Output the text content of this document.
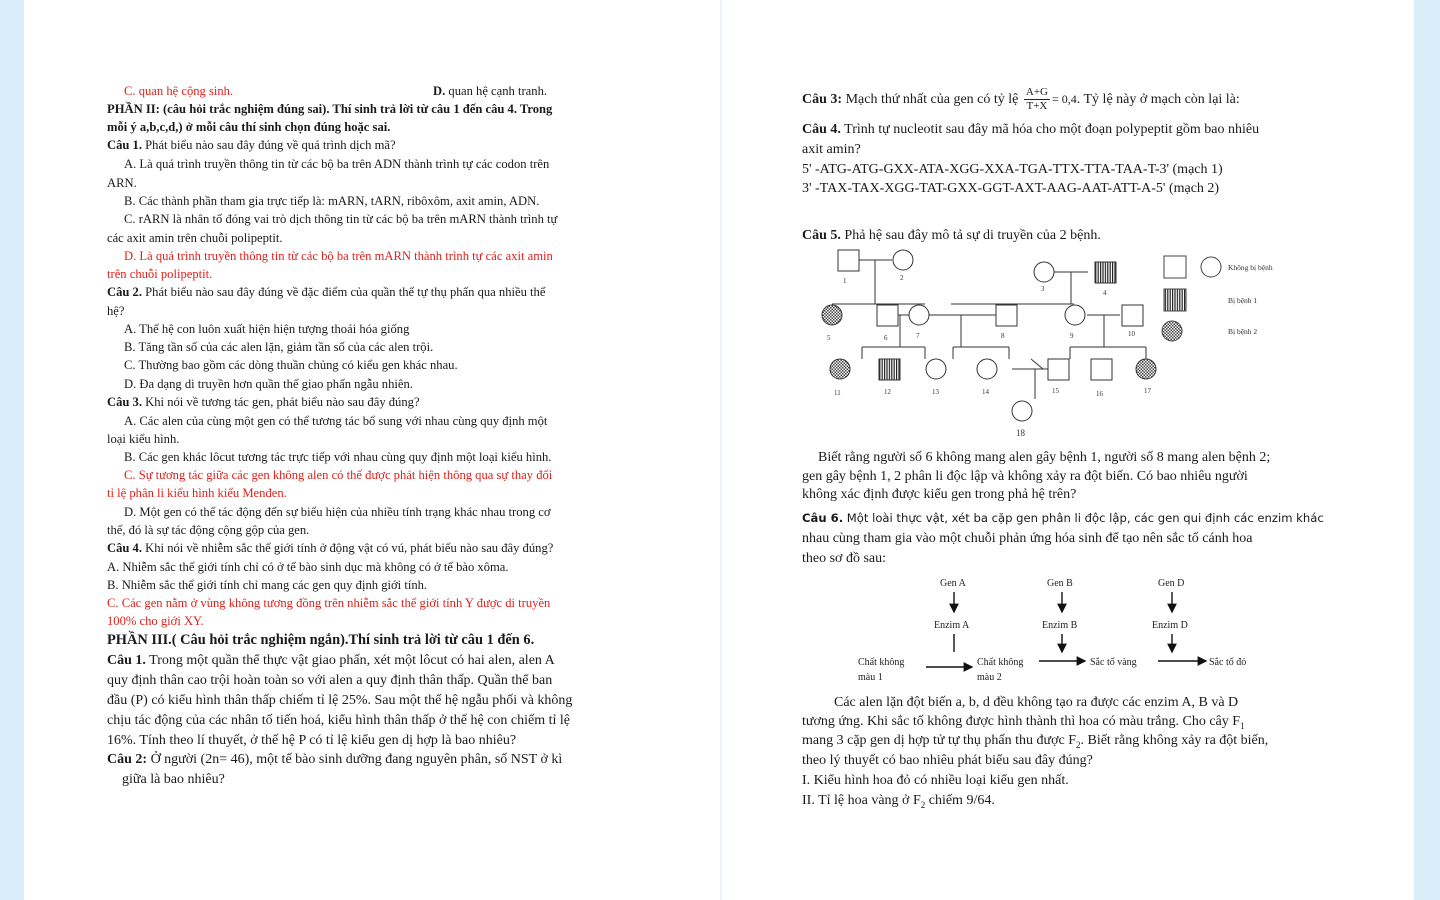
C. quan hệ cộng sinh.	D. quan hệ cạnh tranh.
PHẦN II: (câu hỏi trắc nghiệm đúng sai). Thí sinh trả lời từ câu 1 đến câu 4. Trong
mỗi ý a,b,c,d,) ở mỗi câu thí sinh chọn đúng hoặc sai.
Câu 1. Phát biểu nào sau đây đúng về quá trình dịch mã?
A. Là quá trình truyền thông tin từ các bộ ba trên ADN thành trình tự các codon trên
ARN.
B. Các thành phần tham gia trực tiếp là: mARN, tARN, ribôxôm, axit amin, ADN.
C. rARN là nhân tố đóng vai trò dịch thông tin từ các bộ ba trên mARN thành trình tự
các axit amin trên chuỗi polipeptit.
D. Là quá trình truyền thông tin từ các bộ ba trên mARN thành trình tự các axit amin
trên chuỗi polipeptit.
Câu 2. Phát biểu nào sau đây đúng về đặc điểm của quần thể tự thụ phấn qua nhiều thế
hệ?
A. Thế hệ con luôn xuất hiện hiện tượng thoái hóa giống
B. Tăng tần số của các alen lặn, giảm tần số của các alen trội.
C. Thường bao gồm các dòng thuần chủng có kiểu gen khác nhau.
D. Đa dạng di truyền hơn quần thể giao phấn ngẫu nhiên.
Câu 3. Khi nói về tương tác gen, phát biểu nào sau đây đúng?
A. Các alen của cùng một gen có thể tương tác bổ sung với nhau cùng quy định một
loại kiểu hình.
B. Các gen khác lôcut tương tác trực tiếp với nhau cùng quy định một loại kiểu hình.
C. Sự tương tác giữa các gen không alen có thể được phát hiện thông qua sự thay đổi
tỉ lệ phân li kiểu hình kiểu Menđen.
D. Một gen có thể tác động đến sự biểu hiện của nhiều tính trạng khác nhau trong cơ
thể, đó là sự tác động cộng gộp của gen.
Câu 4. Khi nói về nhiễm sắc thể giới tính ở động vật có vú, phát biểu nào sau đây đúng?
A. Nhiễm sắc thể giới tính chỉ có ở tế bào sinh dục mà không có ở tế bào xôma.
B. Nhiễm sắc thể giới tính chỉ mang các gen quy định giới tính.
C. Các gen nằm ở vùng không tương đồng trên nhiễm sắc thể giới tính Y được di truyền
100% cho giới XY.
PHẦN III.( Câu hỏi trắc nghiệm ngắn).Thí sinh trả lời từ câu 1 đến 6.
Câu 1. Trong một quần thể thực vật giao phấn, xét một lôcut có hai alen, alen A
quy định thân cao trội hoàn toàn so với alen a quy định thân thấp. Quần thể ban
đầu (P) có kiểu hình thân thấp chiếm tỉ lệ 25%. Sau một thế hệ ngẫu phối và không
chịu tác động của các nhân tố tiến hoá, kiểu hình thân thấp ở thế hệ con chiếm tỉ lệ
16%. Tính theo lí thuyết, ở thế hệ P có tỉ lệ kiểu gen dị hợp là bao nhiêu?
Câu 2: Ở người (2n= 46), một tế bào sinh dưỡng đang nguyên phân, số NST ở kì
giữa là bao nhiêu?
Câu 3: Mạch thứ nhất của gen có tỷ lệ $\frac{A+G}{T+X} = 0,4$. Tỷ lệ này ở mạch còn lại là:
Câu 4. Trình tự nucleotit sau đây mã hóa cho một đoạn polypeptit gồm bao nhiêu
axit amin?
5' -ATG-ATG-GXX-ATA-XGG-XXA-TGA-TTX-TTA-TAA-T-3' (mạch 1)
3' -TAX-TAX-XGG-TAT-GXX-GGT-AXT-AAG-AAT-ATT-A-5' (mạch 2)
Câu 5. Phả hệ sau đây mô tả sự di truyền của 2 bệnh.
1	2
3	4
5	6	7	8	9	10
11	12	13	14	15	16	17
18
Không bị bệnh
Bị bệnh 1
Bị bệnh 2
Biết rằng người số 6 không mang alen gây bệnh 1, người số 8 mang alen bệnh 2;
gen gây bệnh 1, 2 phân li độc lập và không xảy ra đột biến. Có bao nhiêu người
không xác định được kiểu gen trong phả hệ trên?
Câu 6. Một loài thực vật, xét ba cặp gen phân li độc lập, các gen qui định các enzim khác
nhau cùng tham gia vào một chuỗi phản ứng hóa sinh để tạo nên sắc tố cánh hoa
theo sơ đồ sau:
Gen A	Gen B	Gen D
Enzim A	Enzim B	Enzim D
Chất không
màu 1
Chất không
màu 2
Sắc tố vàng	Sắc tố đỏ
Các alen lặn đột biến a, b, d đều không tạo ra được các enzim A, B và D
tương ứng. Khi sắc tố không được hình thành thì hoa có màu trắng. Cho cây $F_1$
mang 3 cặp gen dị hợp tử tự thụ phấn thu được $F_2$. Biết rằng không xảy ra đột biến,
theo lý thuyết có bao nhiêu phát biểu sau đây đúng?
I. Kiểu hình hoa đỏ có nhiều loại kiểu gen nhất.
II. Tỉ lệ hoa vàng ở $F_2$ chiếm 9/64.
